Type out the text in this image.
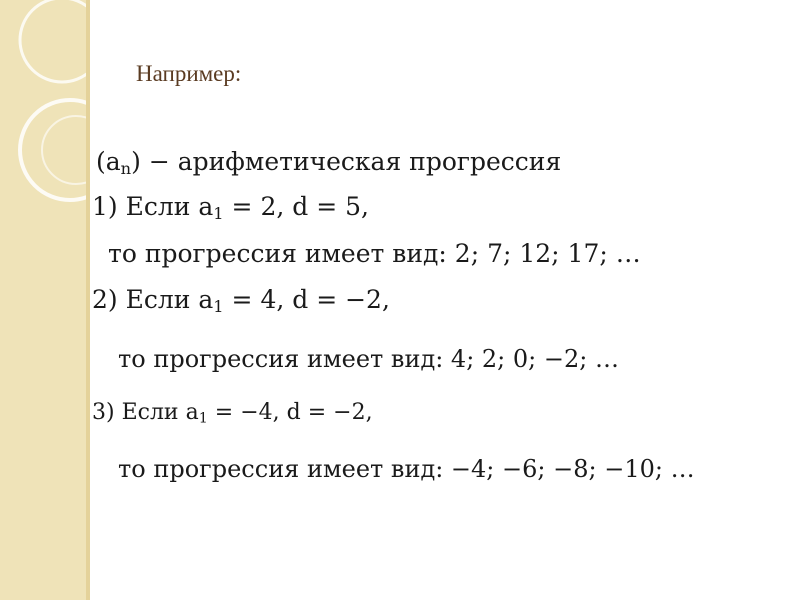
Например:
$(a_n)$ − арифметическая прогрессия
1) Если $a_1 = 2$, d = 5,
то прогрессия имеет вид: 2; 7; 12; 17; …
2) Если $a_1 = 4$, d = −2,
то прогрессия имеет вид: 4; 2; 0; −2; …
3) Если $a_1 = -4$, d = −2,
то прогрессия имеет вид: −4; −6; −8; −10; …
